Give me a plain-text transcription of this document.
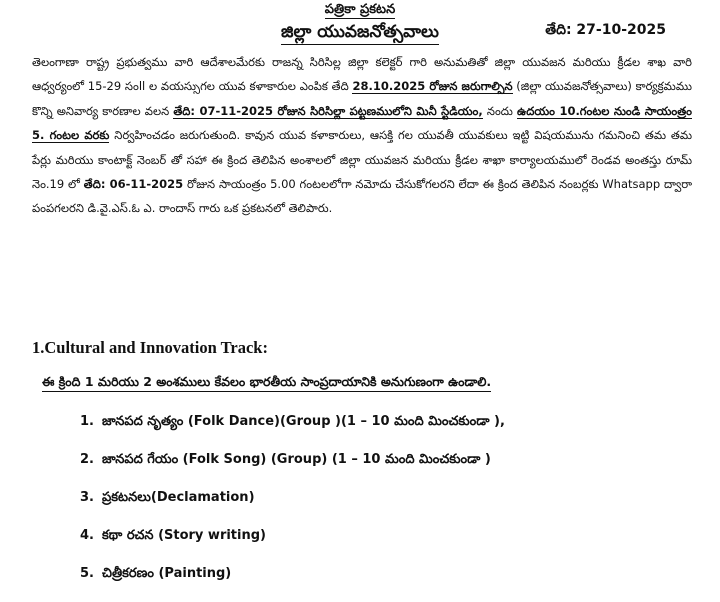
పత్రికా ప్రకటన
జిల్లా యువజనోత్సవాలు	తేది: 27-10-2025
తెలంగాణా రాష్ట్ర ప్రభుత్వము వారి ఆదేశాలమేరకు రాజన్న సిరిసిల్ల జిల్లా కలెక్టర్ గారి అనుమతితో జిల్లా యువజన మరియు క్రీడల శాఖ వారి ఆధ్వర్యంలో 15-29 సంll ల వయస్సుగల యువ కళాకారుల ఎంపిక తేది 28.10.2025 రోజున జరుగాల్సిన (జిల్లా యువజనోత్సవాలు) కార్యక్రమము కొన్ని అనివార్య కారణాల వలన తేది: 07-11-2025 రోజున సిరిసిల్లా పట్టణములోని మినీ స్టేడియం, నందు ఉదయం 10.గంటల నుండి సాయంత్రం 5. గంటల వరకు నిర్వహించడం జరుగుతుంది. కావున యువ కళాకారులు, ఆసక్తి గల యువతీ యువకులు ఇట్టి విషయమును గమనించి తమ తమ పేర్లు మరియు కాంటాక్ట్ నెంబర్ తో సహా ఈ క్రింద తెలిపిన అంశాలలో జిల్లా యువజన మరియు క్రీడల శాఖా కార్యాలయములో రెండవ అంతస్తు రూమ్ నెం.19 లో తేది: 06-11-2025 రోజున సాయంత్రం 5.00 గంటలలోగా నమోదు చేసుకోగలరని లేదా ఈ క్రింద తెలిపిన నంబర్లకు Whatsapp ద్వారా పంపగలరని డి.వై.ఎస్.ఓ ఎ. రాందాస్ గారు ఒక ప్రకటనలో తెలిపారు.
1.Cultural and Innovation Track:
ఈ క్రింది 1 మరియు 2 అంశములు కేవలం భారతీయ సాంప్రదాయానికి అనుగుణంగా ఉండాలి.
1. జానపద నృత్యం (Folk Dance)(Group )(1 – 10 మంది మించకుండా ),
2. జానపద గేయం (Folk Song) (Group) (1 – 10 మంది మించకుండా )
3. ప్రకటనలు(Declamation)
4. కథా రచన (Story writing)
5. చిత్రీకరణం (Painting)
